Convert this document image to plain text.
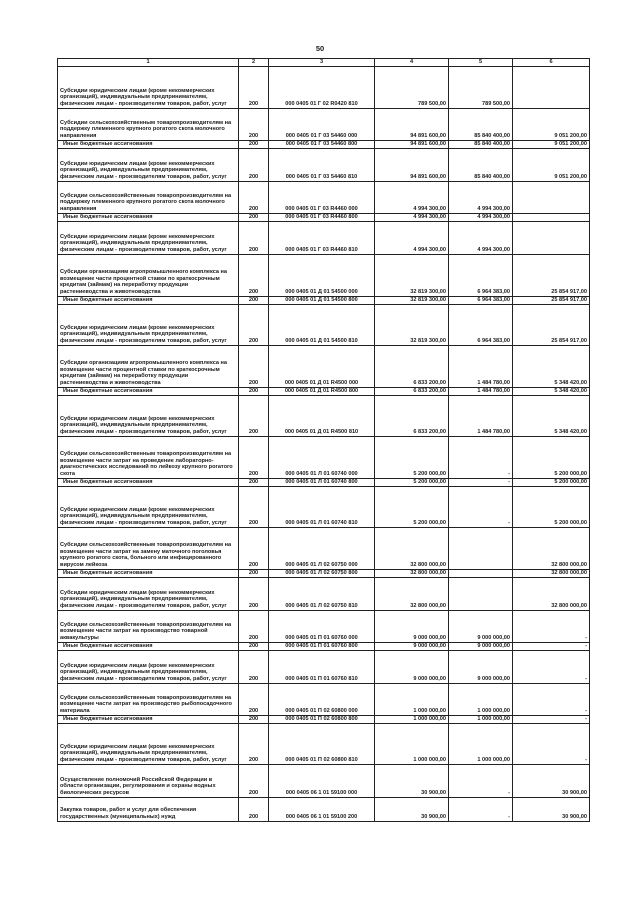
50
1	2	3	4	5	6
Субсидии юридическим лицам (кроме некоммерческих организаций), индивидуальным предпринимателям, физическим лицам - производителям товаров, работ, услуг	200	000 0405 01 Г 02 R0420 810	789 500,00	789 500,00	
Субсидии сельскохозяйственным товаропроизводителям на поддержку племенного крупного рогатого скота молочного направления	200	000 0405 01 Г 03 54460 000	94 891 600,00	85 840 400,00	9 051 200,00
Иные бюджетные ассигнования	200	000 0405 01 Г 03 54460 800	94 891 600,00	85 840 400,00	9 051 200,00
Субсидии юридическим лицам (кроме некоммерческих организаций), индивидуальным предпринимателям, физическим лицам - производителям товаров, работ, услуг	200	000 0405 01 Г 03 54460 810	94 891 600,00	85 840 400,00	9 051 200,00
Субсидии сельскохозяйственным товаропроизводителям на поддержку племенного крупного рогатого скота молочного направления	200	000 0405 01 Г 03 R4460 000	4 994 300,00	4 994 300,00	
Иные бюджетные ассигнования	200	000 0405 01 Г 03 R4460 800	4 994 300,00	4 994 300,00	
Субсидии юридическим лицам (кроме некоммерческих организаций), индивидуальным предпринимателям, физическим лицам - производителям товаров, работ, услуг	200	000 0405 01 Г 03 R4460 810	4 994 300,00	4 994 300,00	
Субсидии организациям агропромышленного комплекса на возмещение части процентной ставки по краткосрочным кредитам (займам) на переработку продукции растениеводства и животноводства	200	000 0405 01 Д 01 54500 000	32 819 300,00	6 964 383,00	25 854 917,00
Иные бюджетные ассигнования	200	000 0405 01 Д 01 54500 800	32 819 300,00	6 964 383,00	25 854 917,00
Субсидии юридическим лицам (кроме некоммерческих организаций), индивидуальным предпринимателям, физическим лицам - производителям товаров, работ, услуг	200	000 0405 01 Д 01 54500 810	32 819 300,00	6 964 383,00	25 854 917,00
Субсидии организациям агропромышленного комплекса на возмещение части процентной ставки по краткосрочным кредитам (займам) на переработку продукции растениеводства и животноводства	200	000 0405 01 Д 01 R4500 000	6 833 200,00	1 484 780,00	5 348 420,00
Иные бюджетные ассигнования	200	000 0405 01 Д 01 R4500 800	6 833 200,00	1 484 780,00	5 348 420,00
Субсидии юридическим лицам (кроме некоммерческих организаций), индивидуальным предпринимателям, физическим лицам - производителям товаров, работ, услуг	200	000 0405 01 Д 01 R4500 810	6 833 200,00	1 484 780,00	5 348 420,00
Субсидии сельскохозяйственным товаропроизводителям на возмещение части затрат на проведение лабораторно-диагностических исследований по лейкозу крупного рогатого скота	200	000 0405 01 Л 01 60740 000	5 200 000,00	-	5 200 000,00
Иные бюджетные ассигнования	200	000 0405 01 Л 01 60740 800	5 200 000,00	-	5 200 000,00
Субсидии юридическим лицам (кроме некоммерческих организаций), индивидуальным предпринимателям, физическим лицам - производителям товаров, работ, услуг	200	000 0405 01 Л 01 60740 810	5 200 000,00	-	5 200 000,00
Субсидии сельскохозяйственным товаропроизводителям на возмещение части затрат на замену маточного поголовья крупного рогатого скота, больного или инфицированного вирусом лейкоза	200	000 0405 01 Л 02 60750 000	32 800 000,00		32 800 000,00
Иные бюджетные ассигнования	200	000 0405 01 Л 02 60750 800	32 800 000,00		32 800 000,00
Субсидии юридическим лицам (кроме некоммерческих организаций), индивидуальным предпринимателям, физическим лицам - производителям товаров, работ, услуг	200	000 0405 01 Л 02 60750 810	32 800 000,00		32 800 000,00
Субсидии сельскохозяйственным товаропроизводителям на возмещение части затрат на производство товарной аквакультуры	200	000 0405 01 П 01 60760 000	9 000 000,00	9 000 000,00	-
Иные бюджетные ассигнования	200	000 0405 01 П 01 60760 800	9 000 000,00	9 000 000,00	-
Субсидии юридическим лицам (кроме некоммерческих организаций), индивидуальным предпринимателям, физическим лицам - производителям товаров, работ, услуг	200	000 0405 01 П 01 60760 810	9 000 000,00	9 000 000,00	-
Субсидии сельскохозяйственным товаропроизводителям на возмещение части затрат на производство рыбопосадочного материала	200	000 0405 01 П 02 60800 000	1 000 000,00	1 000 000,00	-
Иные бюджетные ассигнования	200	000 0405 01 П 02 60800 800	1 000 000,00	1 000 000,00	-
Субсидии юридическим лицам (кроме некоммерческих организаций), индивидуальным предпринимателям, физическим лицам - производителям товаров, работ, услуг	200	000 0405 01 П 02 60800 810	1 000 000,00	1 000 000,00	-
Осуществление полномочий Российской Федерации в области организации, регулирования и охраны водных биологических ресурсов	200	000 0405 06 1 01 59100 000	30 900,00	-	30 900,00
Закупка товаров, работ и услуг для обеспечения государственных (муниципальных) нужд	200	000 0405 06 1 01 59100 200	30 900,00	-	30 900,00
